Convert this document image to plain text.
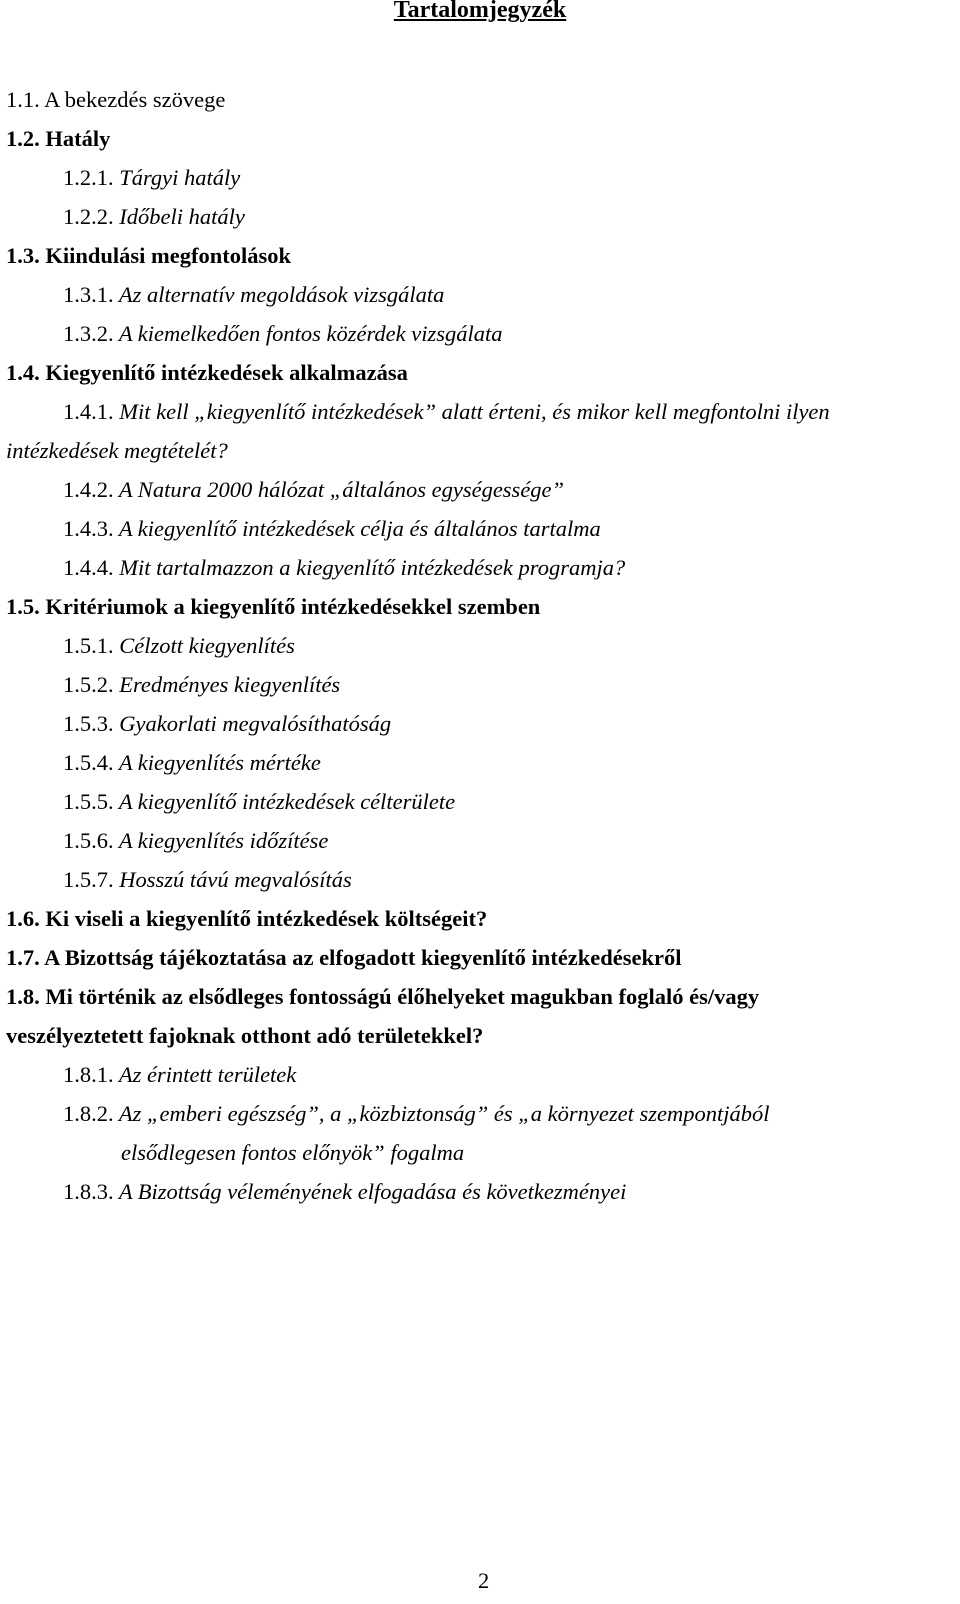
Tartalomjegyzék
1.1. A bekezdés szövege
1.2. Hatály
1.2.1. Tárgyi hatály
1.2.2. Időbeli hatály
1.3. Kiindulási megfontolások
1.3.1. Az alternatív megoldások vizsgálata
1.3.2. A kiemelkedően fontos közérdek vizsgálata
1.4. Kiegyenlítő intézkedések alkalmazása
1.4.1. Mit kell „kiegyenlítő intézkedések” alatt érteni, és mikor kell megfontolni ilyen
intézkedések megtételét?
1.4.2. A Natura 2000 hálózat „általános egységessége”
1.4.3. A kiegyenlítő intézkedések célja és általános tartalma
1.4.4. Mit tartalmazzon a kiegyenlítő intézkedések programja?
1.5. Kritériumok a kiegyenlítő intézkedésekkel szemben
1.5.1. Célzott kiegyenlítés
1.5.2. Eredményes kiegyenlítés
1.5.3. Gyakorlati megvalósíthatóság
1.5.4. A kiegyenlítés mértéke
1.5.5. A kiegyenlítő intézkedések célterülete
1.5.6. A kiegyenlítés időzítése
1.5.7. Hosszú távú megvalósítás
1.6. Ki viseli a kiegyenlítő intézkedések költségeit?
1.7. A Bizottság tájékoztatása az elfogadott kiegyenlítő intézkedésekről
1.8. Mi történik az elsődleges fontosságú élőhelyeket magukban foglaló és/vagy
veszélyeztetett fajoknak otthont adó területekkel?
1.8.1. Az érintett területek
1.8.2. Az „emberi egészség”, a „közbiztonság” és „a környezet szempontjából
elsődlegesen fontos előnyök” fogalma
1.8.3. A Bizottság véleményének elfogadása és következményei
2
